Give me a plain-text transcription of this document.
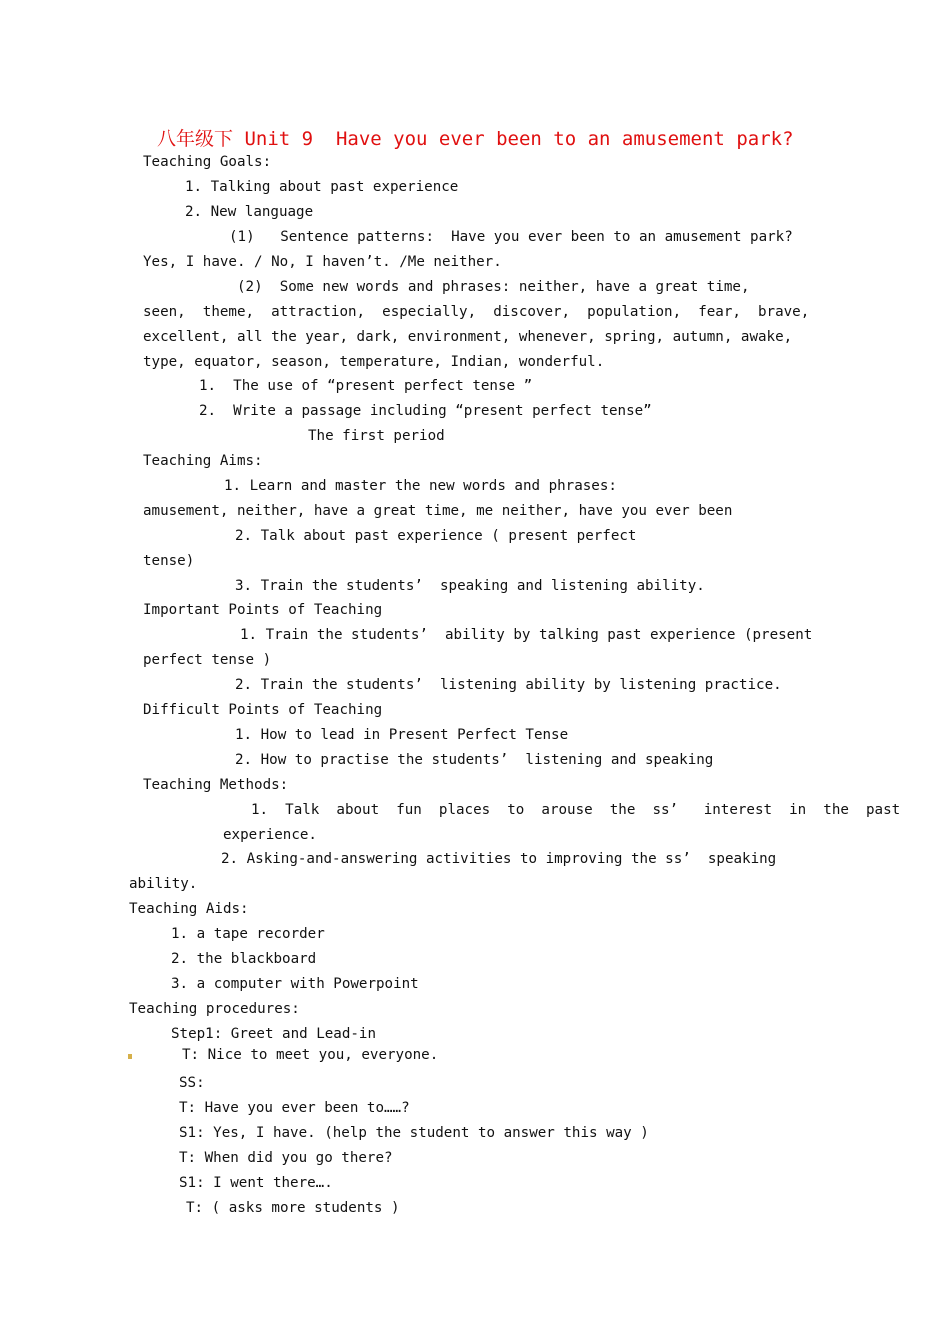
八年级下 Unit 9  Have you ever been to an amusement park?
Teaching Goals:
1. Talking about past experience
2. New language
(1)   Sentence patterns:  Have you ever been to an amusement park?
Yes, I have. / No, I haven’t. /Me neither.
(2)  Some new words and phrases: neither, have a great time,
seen,  theme,  attraction,  especially,  discover,  population,  fear,  brave,
excellent, all the year, dark, environment, whenever, spring, autumn, awake,
type, equator, season, temperature, Indian, wonderful.
1.  The use of “present perfect tense ”
2.  Write a passage including “present perfect tense”
The first period
Teaching Aims:
1. Learn and master the new words and phrases:
amusement, neither, have a great time, me neither, have you ever been
2. Talk about past experience ( present perfect
tense)
3. Train the students’  speaking and listening ability.
Important Points of Teaching
1. Train the students’  ability by talking past experience (present
perfect tense )
2. Train the students’  listening ability by listening practice.
Difficult Points of Teaching
1. How to lead in Present Perfect Tense
2. How to practise the students’  listening and speaking
Teaching Methods:
1.  Talk  about  fun  places  to  arouse  the  ss’   interest  in  the  past
experience.
2. Asking-and-answering activities to improving the ss’  speaking
ability.
Teaching Aids:
1. a tape recorder
2. the blackboard
3. a computer with Powerpoint
Teaching procedures:
Step1: Greet and Lead-in
T: Nice to meet you, everyone.
SS:
T: Have you ever been to……?
S1: Yes, I have. (help the student to answer this way )
T: When did you go there?
S1: I went there….
T: ( asks more students )
